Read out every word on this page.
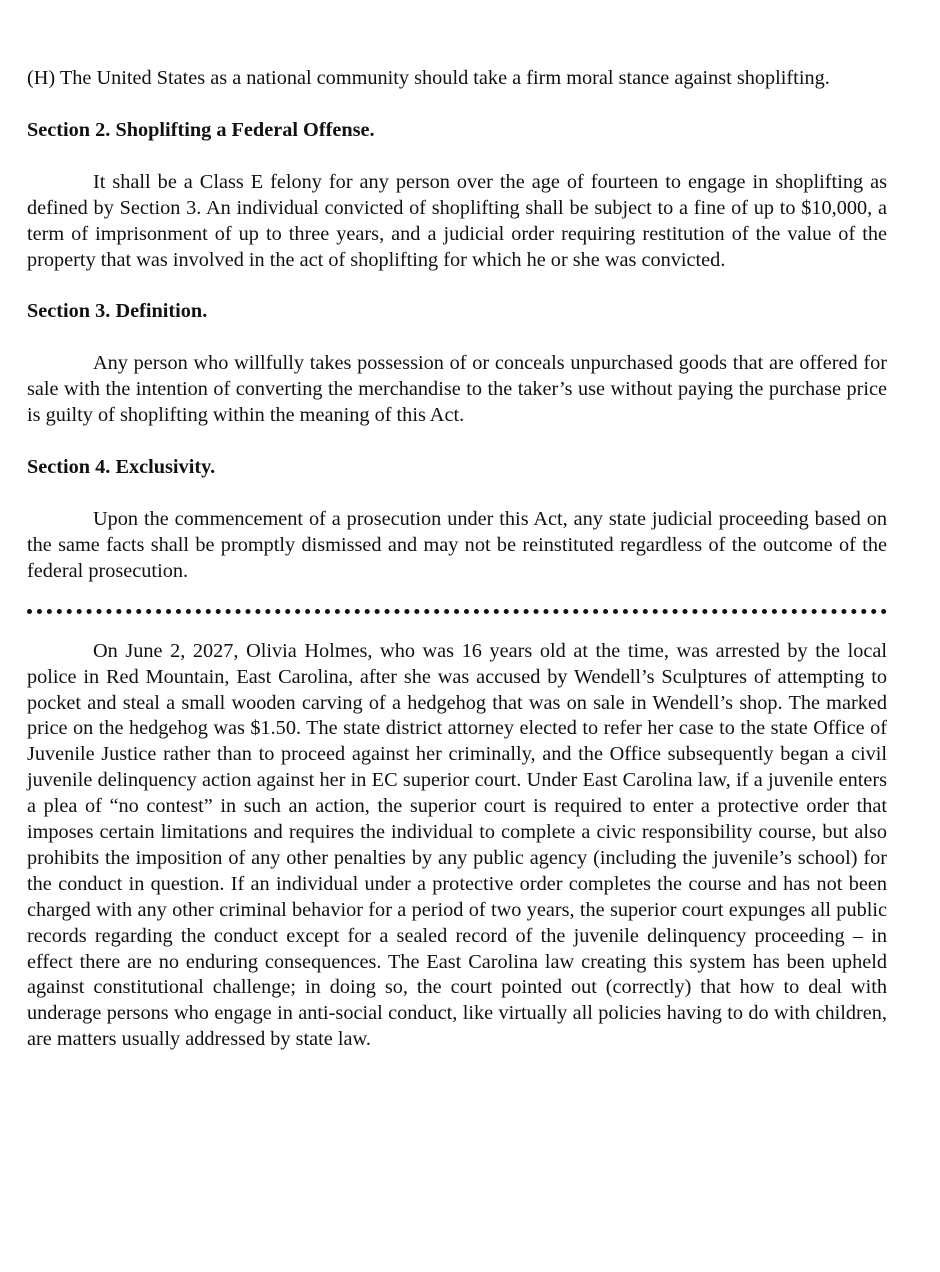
(H) The United States as a national community should take a firm moral stance against shoplifting.

Section 2. Shoplifting a Federal Offense.

It shall be a Class E felony for any person over the age of fourteen to engage in shoplifting as defined by Section 3. An individual convicted of shoplifting shall be subject to a fine of up to $10,000, a term of imprisonment of up to three years, and a judicial order requiring restitution of the value of the property that was involved in the act of shoplifting for which he or she was convicted.

Section 3. Definition.

Any person who willfully takes possession of or conceals unpurchased goods that are offered for sale with the intention of converting the merchandise to the taker’s use without paying the purchase price is guilty of shoplifting within the meaning of this Act.

Section 4. Exclusivity.

Upon the commencement of a prosecution under this Act, any state judicial proceeding based on the same facts shall be promptly dismissed and may not be reinstituted regardless of the outcome of the federal prosecution.

On June 2, 2027, Olivia Holmes, who was 16 years old at the time, was arrested by the local police in Red Mountain, East Carolina, after she was accused by Wendell’s Sculptures of attempting to pocket and steal a small wooden carving of a hedgehog that was on sale in Wendell’s shop. The marked price on the hedgehog was $1.50. The state district attorney elected to refer her case to the state Office of Juvenile Justice rather than to proceed against her criminally, and the Office subsequently began a civil juvenile delinquency action against her in EC superior court. Under East Carolina law, if a juvenile enters a plea of “no contest” in such an action, the superior court is required to enter a protective order that imposes certain limitations and requires the individual to complete a civic responsibility course, but also prohibits the imposition of any other penalties by any public agency (including the juvenile’s school) for the conduct in question. If an individual under a protective order completes the course and has not been charged with any other criminal behavior for a period of two years, the superior court expunges all public records regarding the conduct except for a sealed record of the juvenile delinquency proceeding – in effect there are no enduring consequences. The East Carolina law creating this system has been upheld against constitutional challenge; in doing so, the court pointed out (correctly) that how to deal with underage persons who engage in anti-social conduct, like virtually all policies having to do with children, are matters usually addressed by state law.
